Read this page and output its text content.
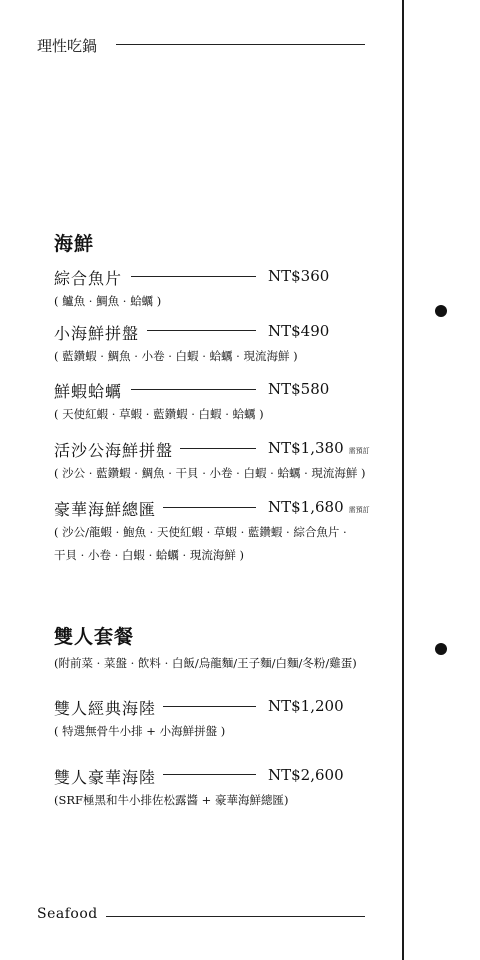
理性吃鍋
海鮮
綜合魚片	NT$360
( 鱸魚 · 鯛魚 · 蛤蠣 )
小海鮮拼盤	NT$490
( 藍鑽蝦 · 鯛魚 · 小卷 · 白蝦 · 蛤蠣 · 現流海鮮 )
鮮蝦蛤蠣	NT$580
( 天使紅蝦 · 草蝦 · 藍鑽蝦 · 白蝦 · 蛤蠣 )
活沙公海鮮拼盤	NT$1,380 需預訂
( 沙公 · 藍鑽蝦 · 鯛魚 · 干貝 · 小卷 · 白蝦 · 蛤蠣 · 現流海鮮 )
豪華海鮮總匯	NT$1,680 需預訂
( 沙公/龍蝦 · 鮑魚 · 天使紅蝦 · 草蝦 · 藍鑽蝦 · 綜合魚片 ·
干貝 · 小卷 · 白蝦 · 蛤蠣 · 現流海鮮 )
雙人套餐
(附前菜 · 菜盤 · 飲料 · 白飯/烏龍麵/王子麵/白麵/冬粉/雞蛋)
雙人經典海陸	NT$1,200
( 特選無骨牛小排 + 小海鮮拼盤 )
雙人豪華海陸	NT$2,600
(SRF極黑和牛小排佐松露醬 + 豪華海鮮總匯)
Seafood
